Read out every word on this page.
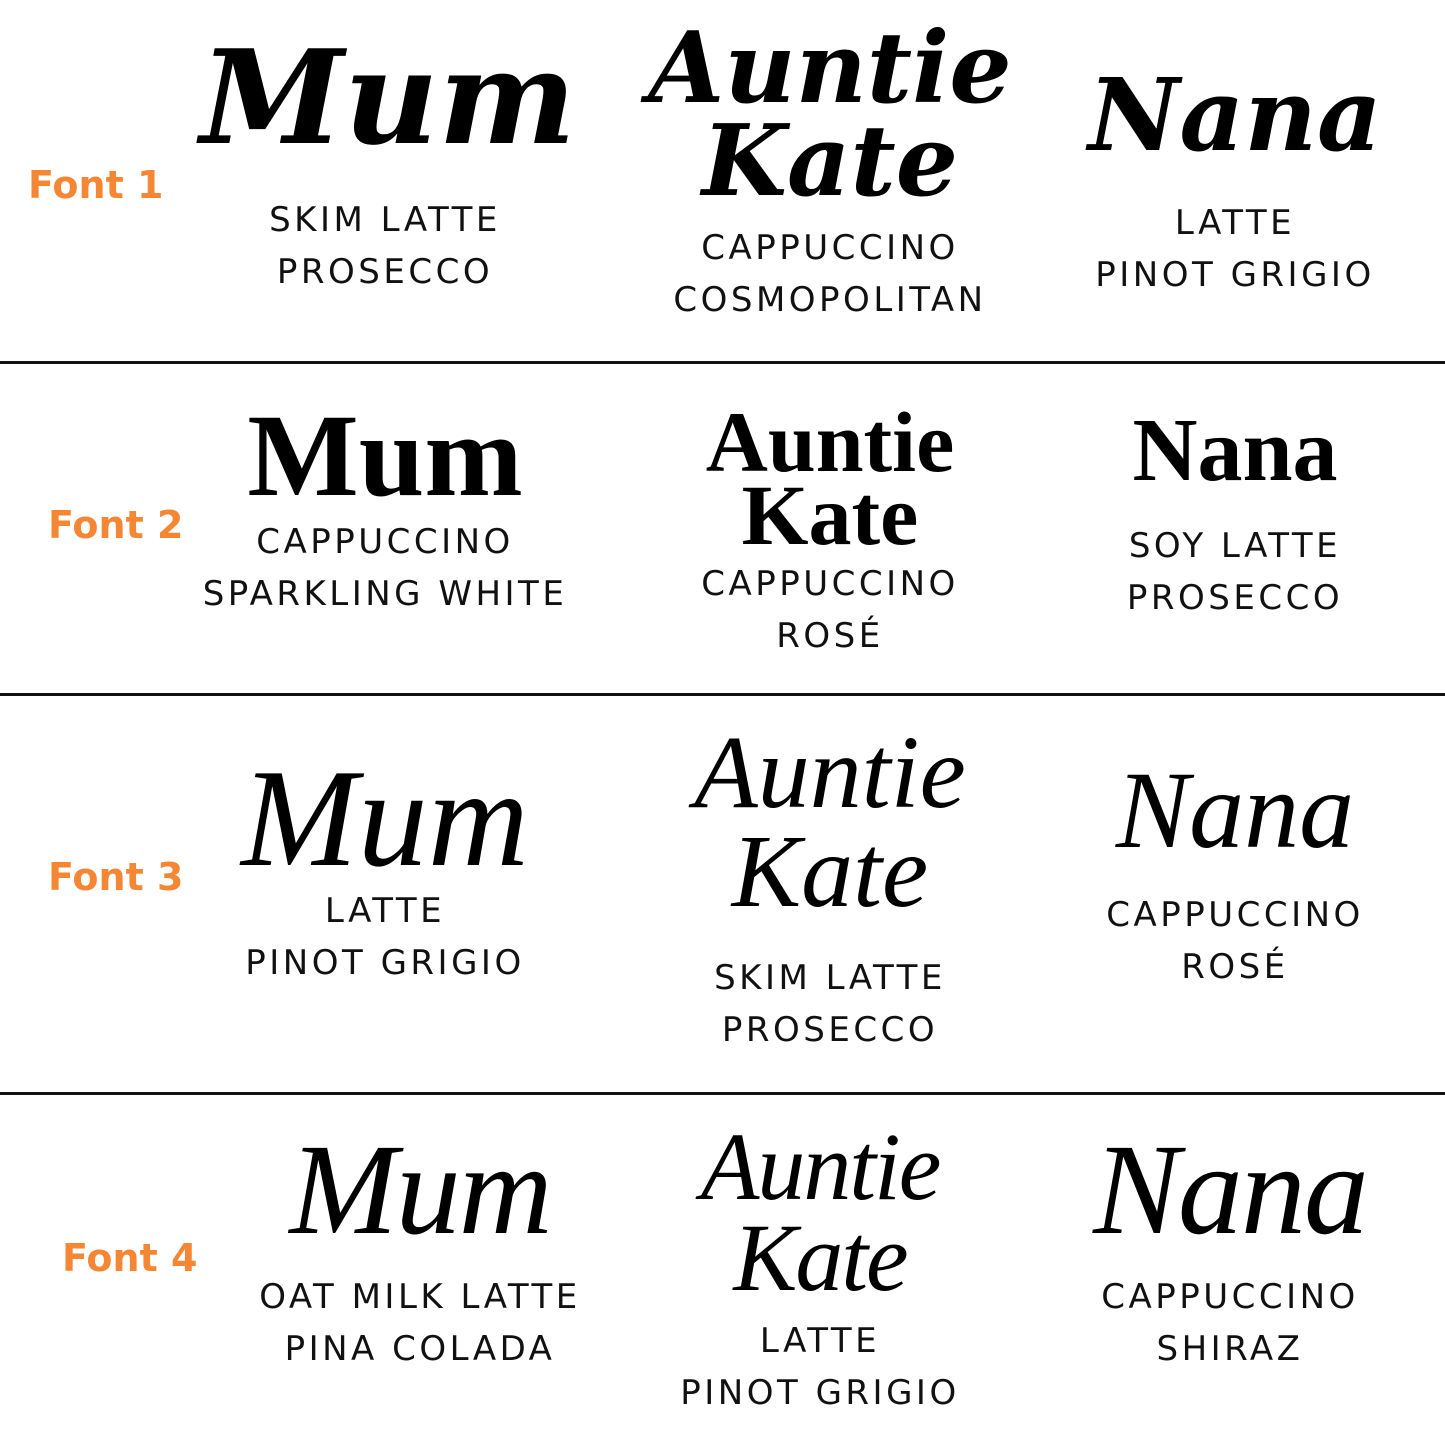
Font 1
Mum
SKIM LATTE
PROSECCO
Auntie
Kate
CAPPUCCINO
COSMOPOLITAN
Nana
LATTE
PINOT GRIGIO
Font 2
Mum
CAPPUCCINO
SPARKLING WHITE
Auntie
Kate
CAPPUCCINO
ROSÉ
Nana
SOY LATTE
PROSECCO
Font 3 Mum
LATTE
PINOT GRIGIO
Auntie
Kate
SKIM LATTE
PROSECCO
Nana
CAPPUCCINO
ROSÉ
Font 4 Mum
OAT MILK LATTE
PINA COLADA
Auntie
Kate
LATTE
PINOT GRIGIO
Nana
CAPPUCCINO
SHIRAZ
